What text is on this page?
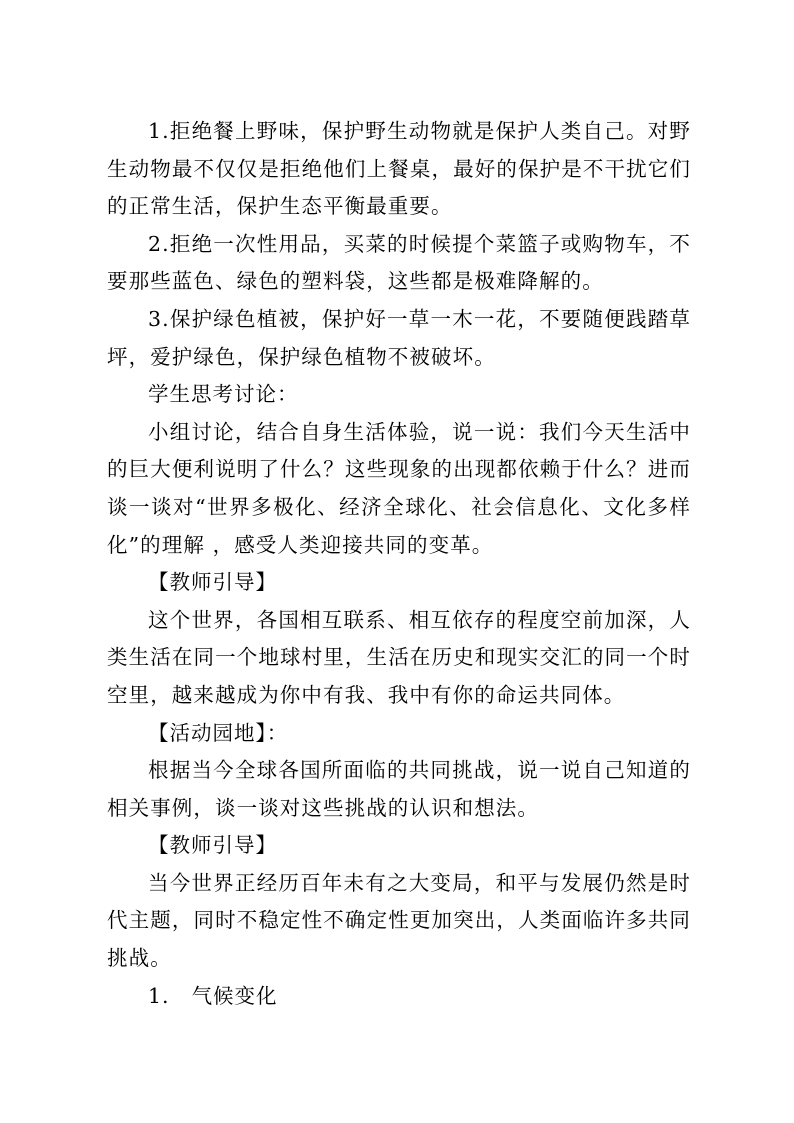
1.拒绝餐上野味，保护野生动物就是保护人类自己。对野生动物最不仅仅是拒绝他们上餐桌，最好的保护是不干扰它们的正常生活，保护生态平衡最重要。

2.拒绝一次性用品，买菜的时候提个菜篮子或购物车，不要那些蓝色、绿色的塑料袋，这些都是极难降解的。

3.保护绿色植被，保护好一草一木一花，不要随便践踏草坪，爱护绿色，保护绿色植物不被破坏。

学生思考讨论：

小组讨论，结合自身生活体验，说一说：我们今天生活中的巨大便利说明了什么？这些现象的出现都依赖于什么？进而谈一谈对“世界多极化、经济全球化、社会信息化、文化多样化”的理解 ，感受人类迎接共同的变革。

【教师引导】

这个世界，各国相互联系、相互依存的程度空前加深，人类生活在同一个地球村里，生活在历史和现实交汇的同一个时空里，越来越成为你中有我、我中有你的命运共同体。

【活动园地】：

根据当今全球各国所面临的共同挑战，说一说自己知道的相关事例，谈一谈对这些挑战的认识和想法。

【教师引导】

当今世界正经历百年未有之大变局，和平与发展仍然是时代主题，同时不稳定性不确定性更加突出，人类面临许多共同挑战。

1. 气候变化
